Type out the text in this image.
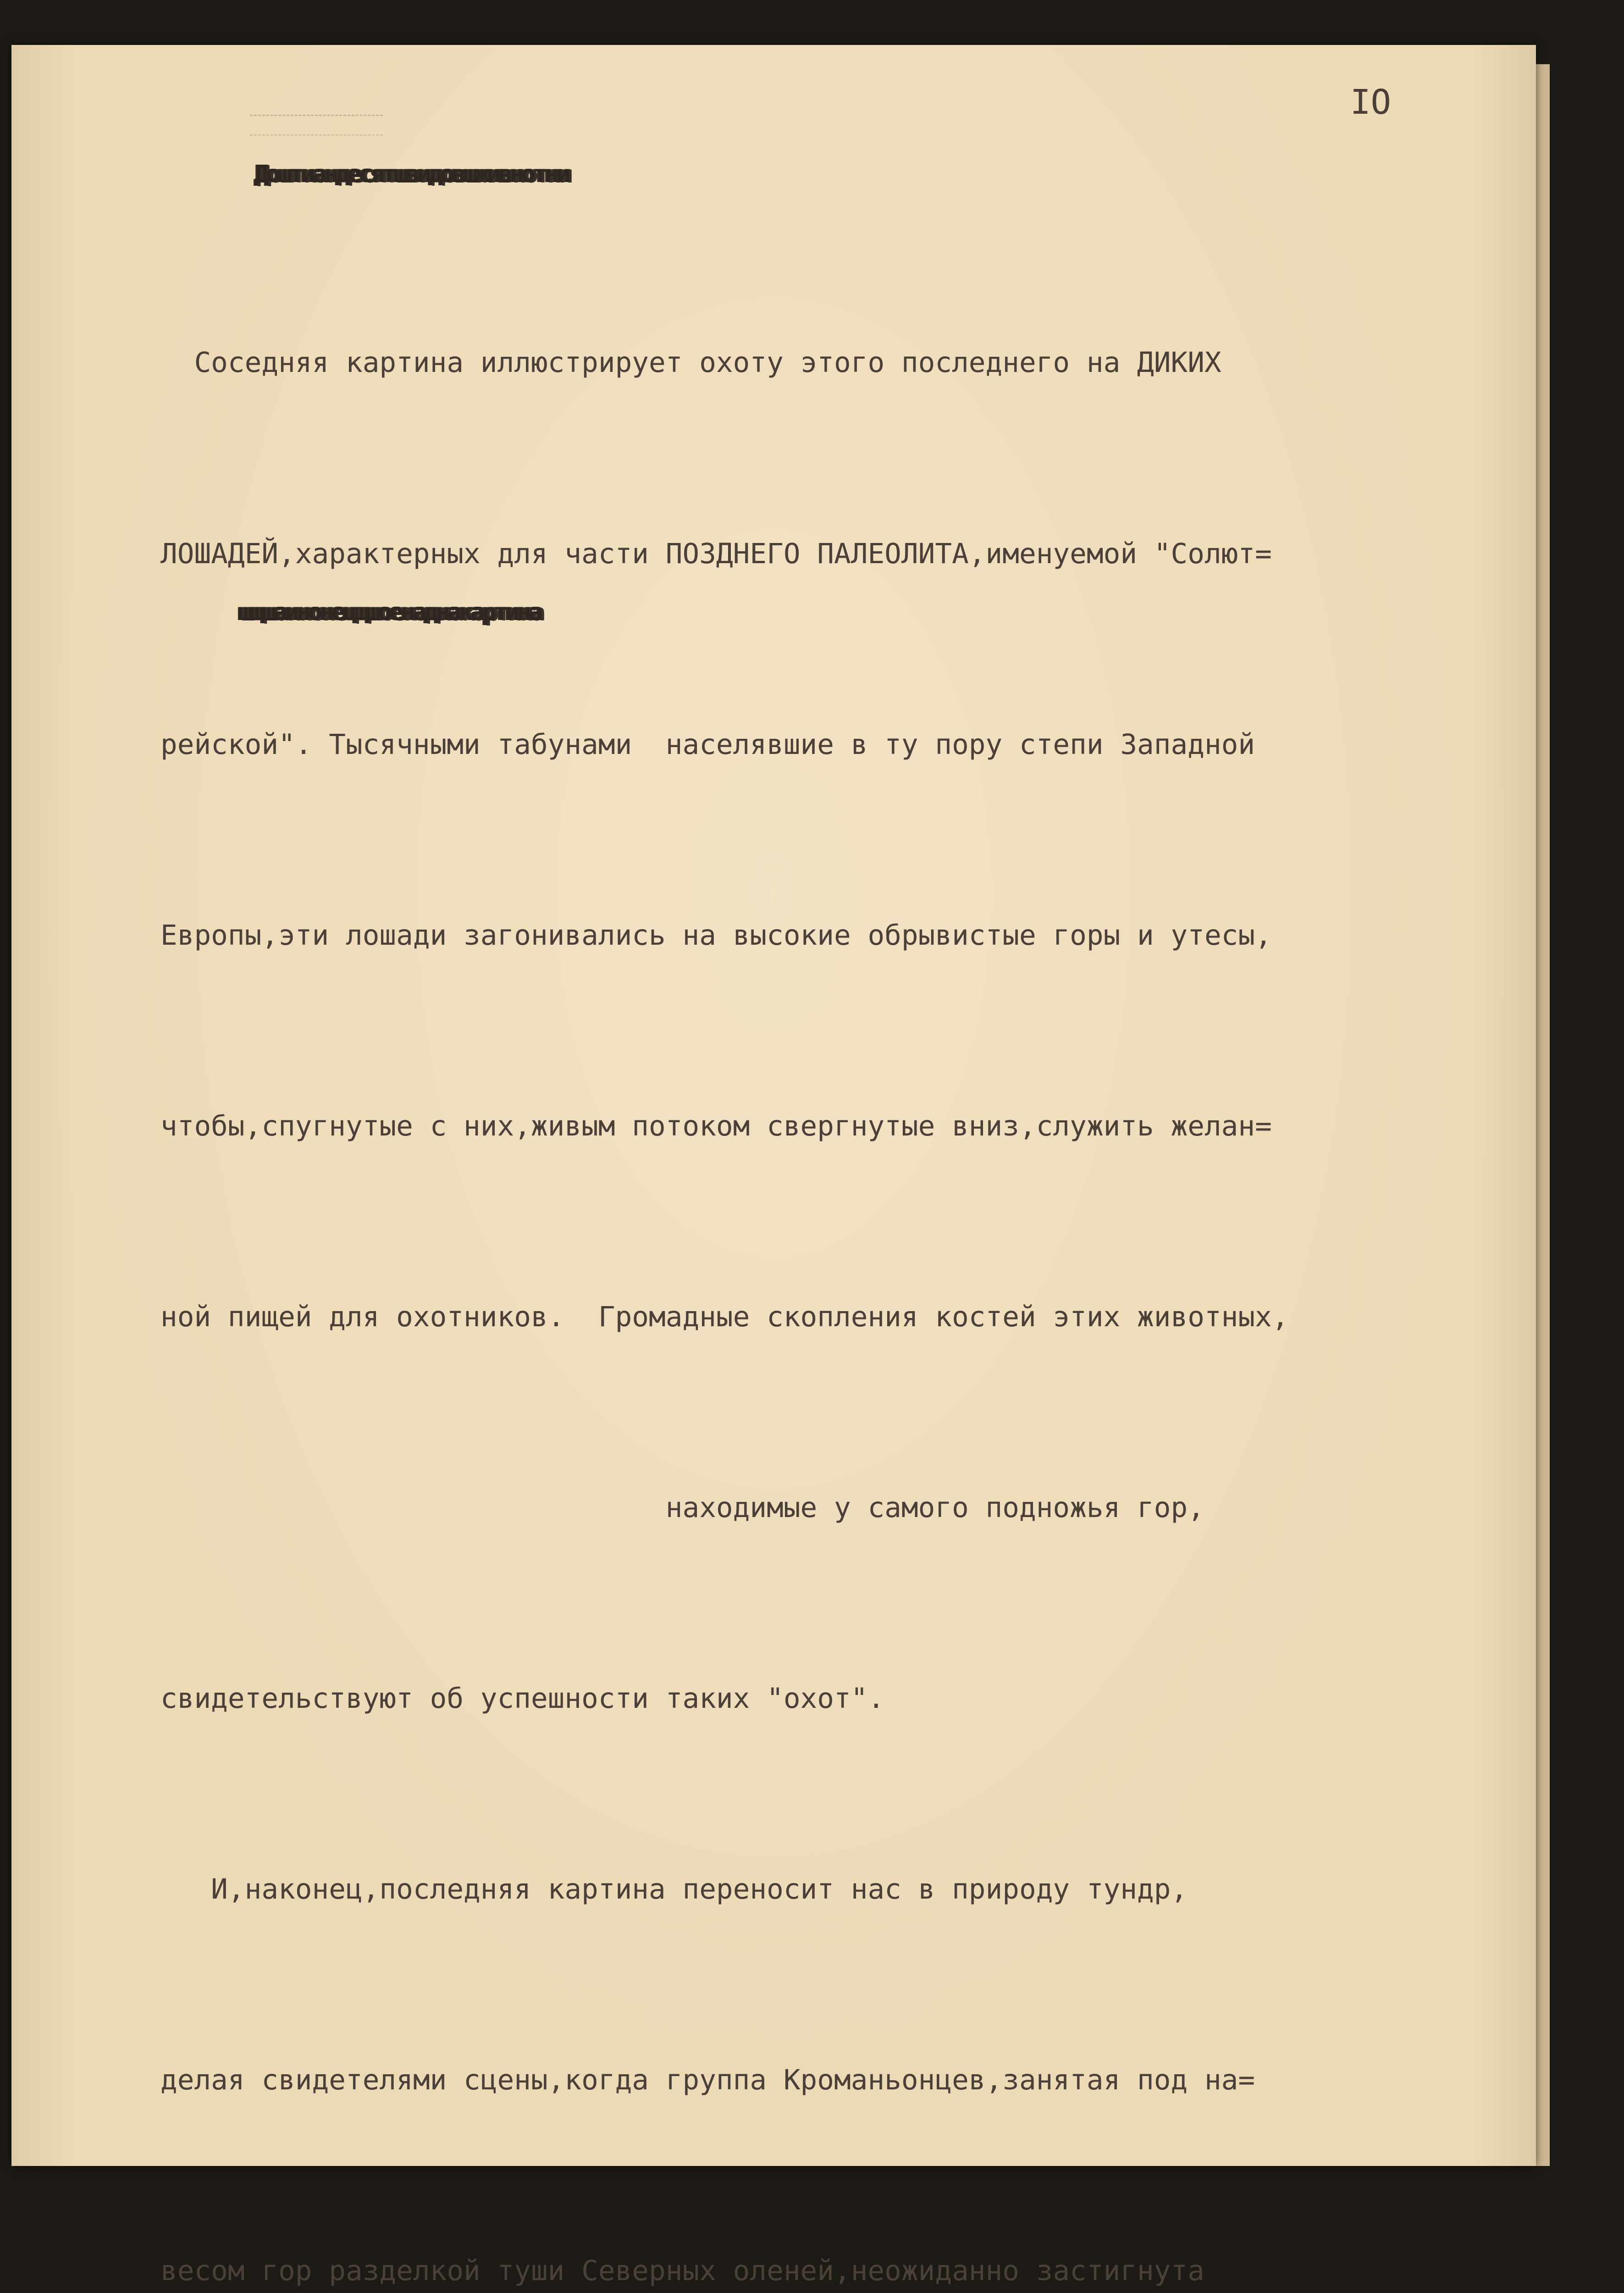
IO
Доштиандесятшвидовшживнотни
шщшаинонецщшоенаднакартина

Соседняя картина иллюстрирует охоту этого последнего на ДИКИХ

ЛОШАДЕЙ,характерных для части ПОЗДНЕГО ПАЛЕОЛИТА,именуемой "Солют=

рейской". Тысячными табунами  населявшие в ту пору степи Западной

Европы,эти лошади загонивались на высокие обрывистые горы и утесы,

чтобы,спугнутые с них,живым потоком свергнутые вниз,служить желан=

ной пищей для охотников.  Громадные скопления костей этих животных,

находимые у самого подножья гор,

свидетельствуют об успешности таких "охот".

И,наконец,последняя картина переносит нас в природу тундр,

делая свидетелями сцены,когда группа Кроманьонцев,занятая под на=

весом гор разделкой туши Северных оленей,неожиданно застигнута
